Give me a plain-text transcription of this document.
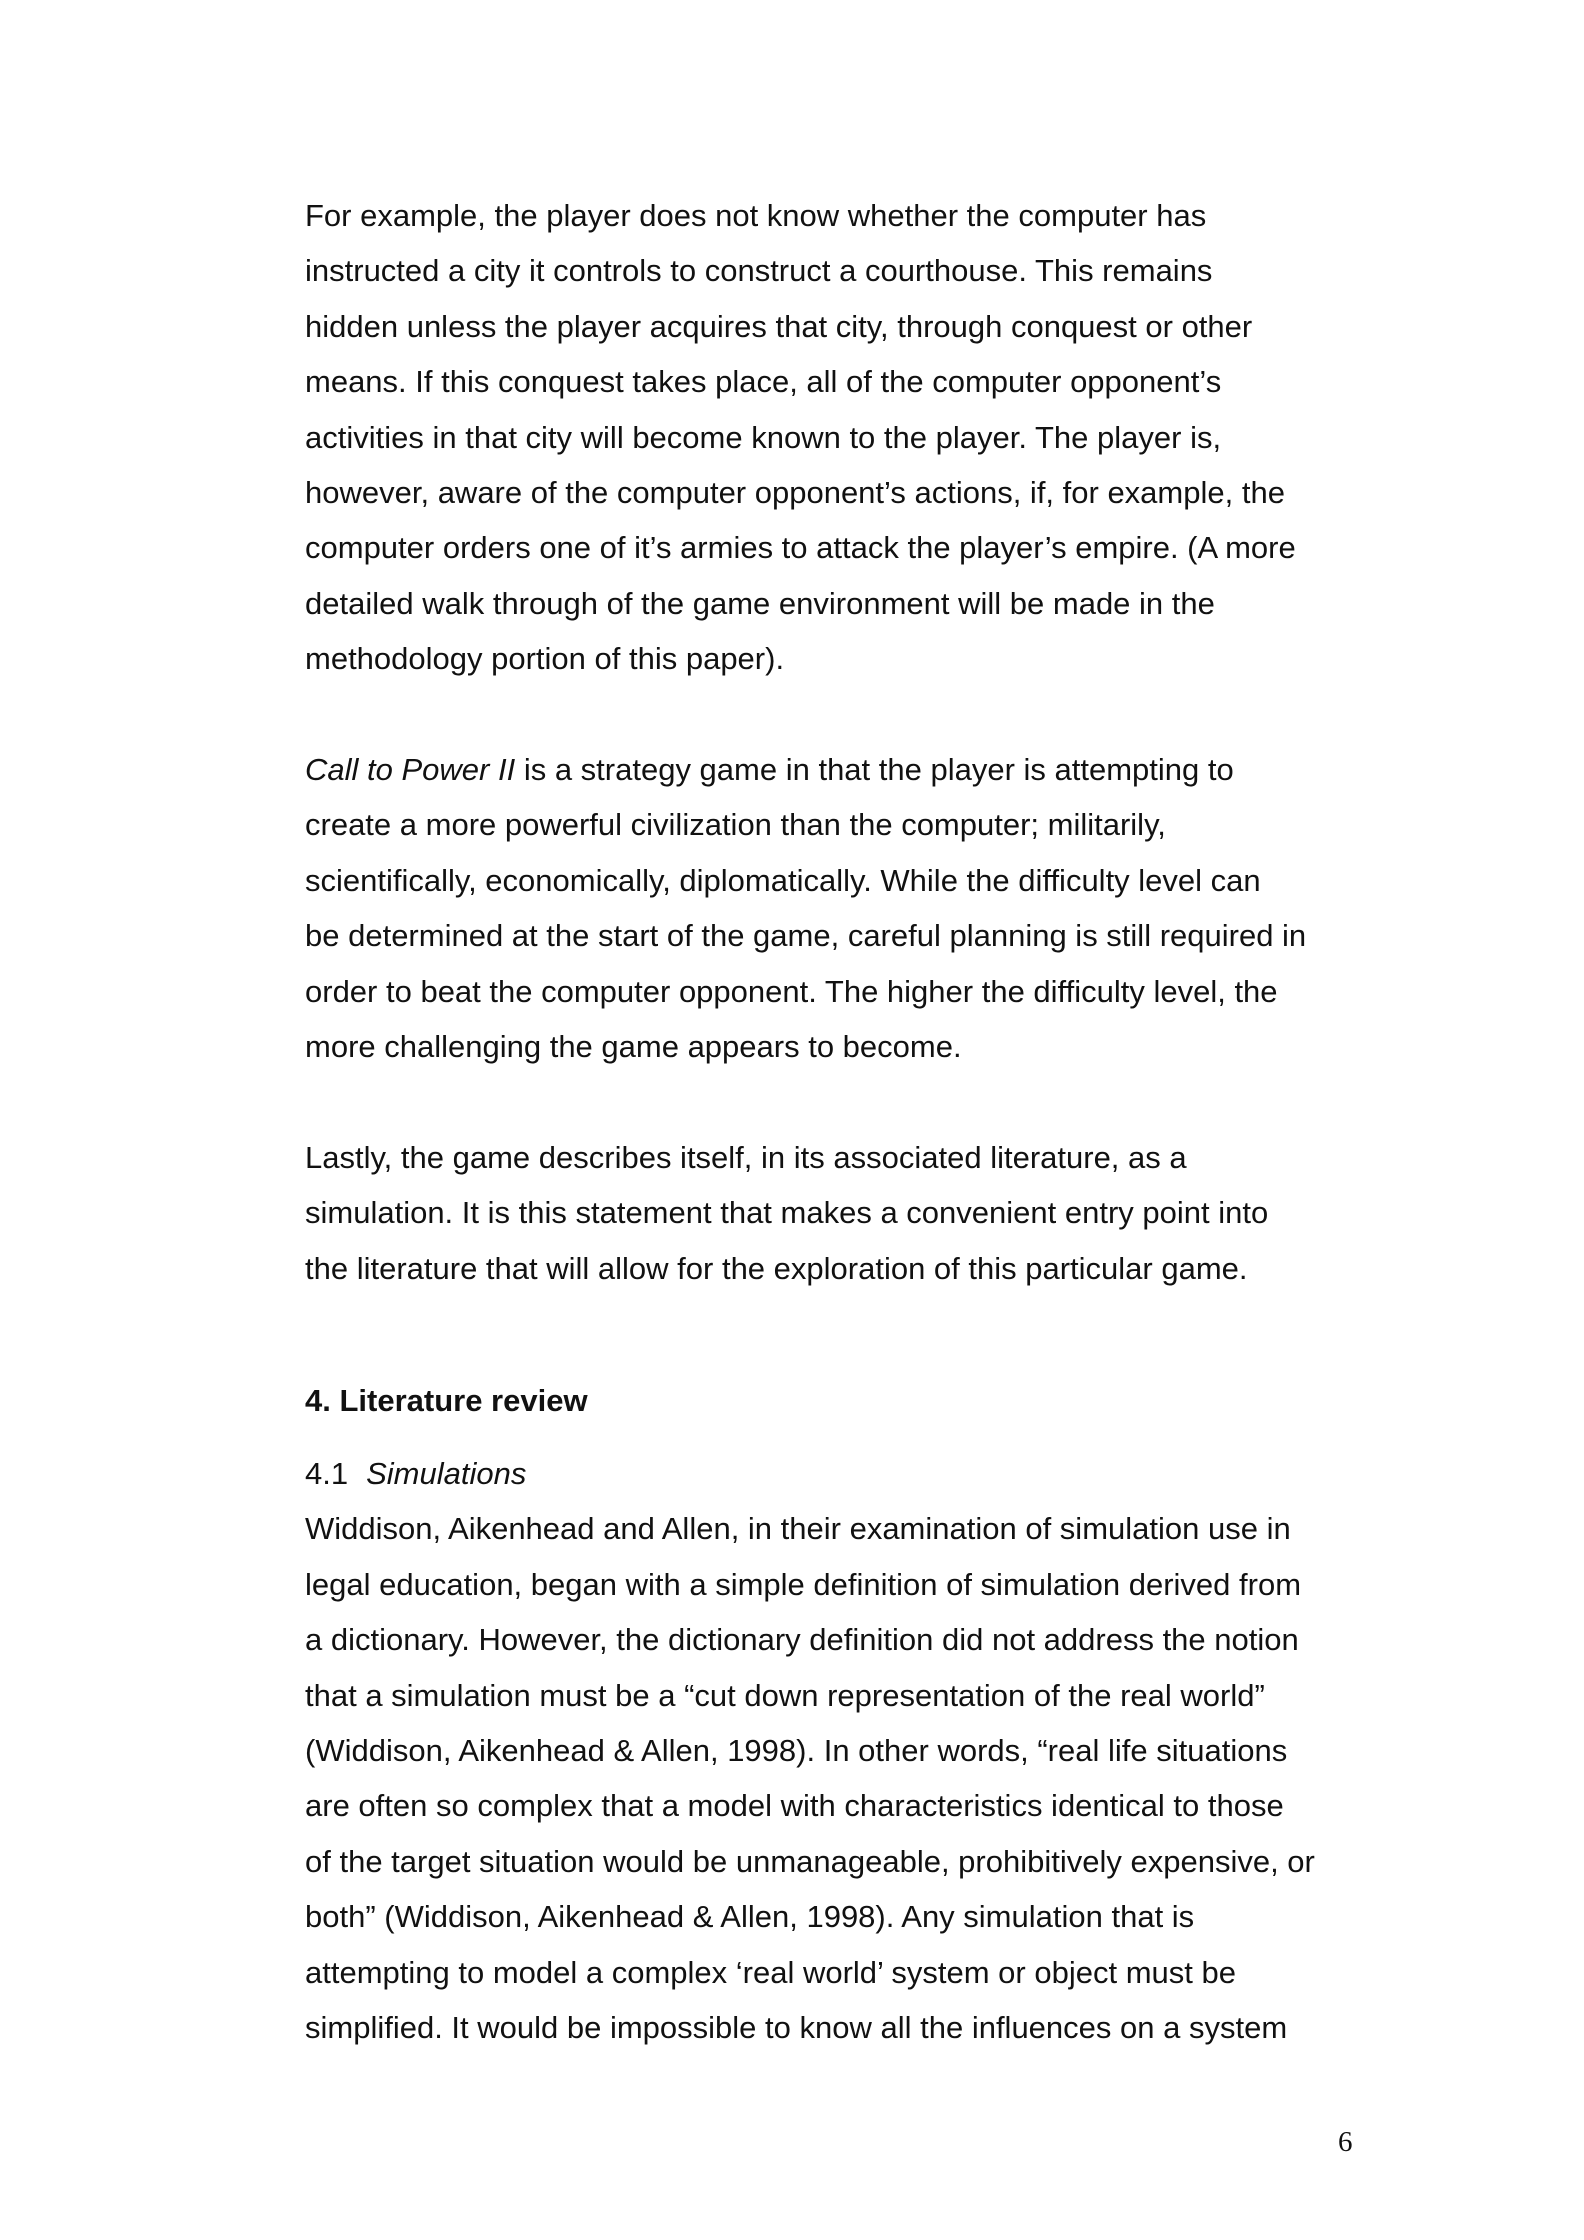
For example, the player does not know whether the computer has
instructed a city it controls to construct a courthouse. This remains
hidden unless the player acquires that city, through conquest or other
means. If this conquest takes place, all of the computer opponent’s
activities in that city will become known to the player. The player is,
however, aware of the computer opponent’s actions, if, for example, the
computer orders one of it’s armies to attack the player’s empire. (A more
detailed walk through of the game environment will be made in the
methodology portion of this paper).
Call to Power II is a strategy game in that the player is attempting to
create a more powerful civilization than the computer; militarily,
scientifically, economically, diplomatically. While the difficulty level can
be determined at the start of the game, careful planning is still required in
order to beat the computer opponent. The higher the difficulty level, the
more challenging the game appears to become.
Lastly, the game describes itself, in its associated literature, as a
simulation. It is this statement that makes a convenient entry point into
the literature that will allow for the exploration of this particular game.
4. Literature review
4.1 Simulations
Widdison, Aikenhead and Allen, in their examination of simulation use in
legal education, began with a simple definition of simulation derived from
a dictionary. However, the dictionary definition did not address the notion
that a simulation must be a “cut down representation of the real world”
(Widdison, Aikenhead & Allen, 1998). In other words, “real life situations
are often so complex that a model with characteristics identical to those
of the target situation would be unmanageable, prohibitively expensive, or
both” (Widdison, Aikenhead & Allen, 1998). Any simulation that is
attempting to model a complex ‘real world’ system or object must be
simplified. It would be impossible to know all the influences on a system
6
